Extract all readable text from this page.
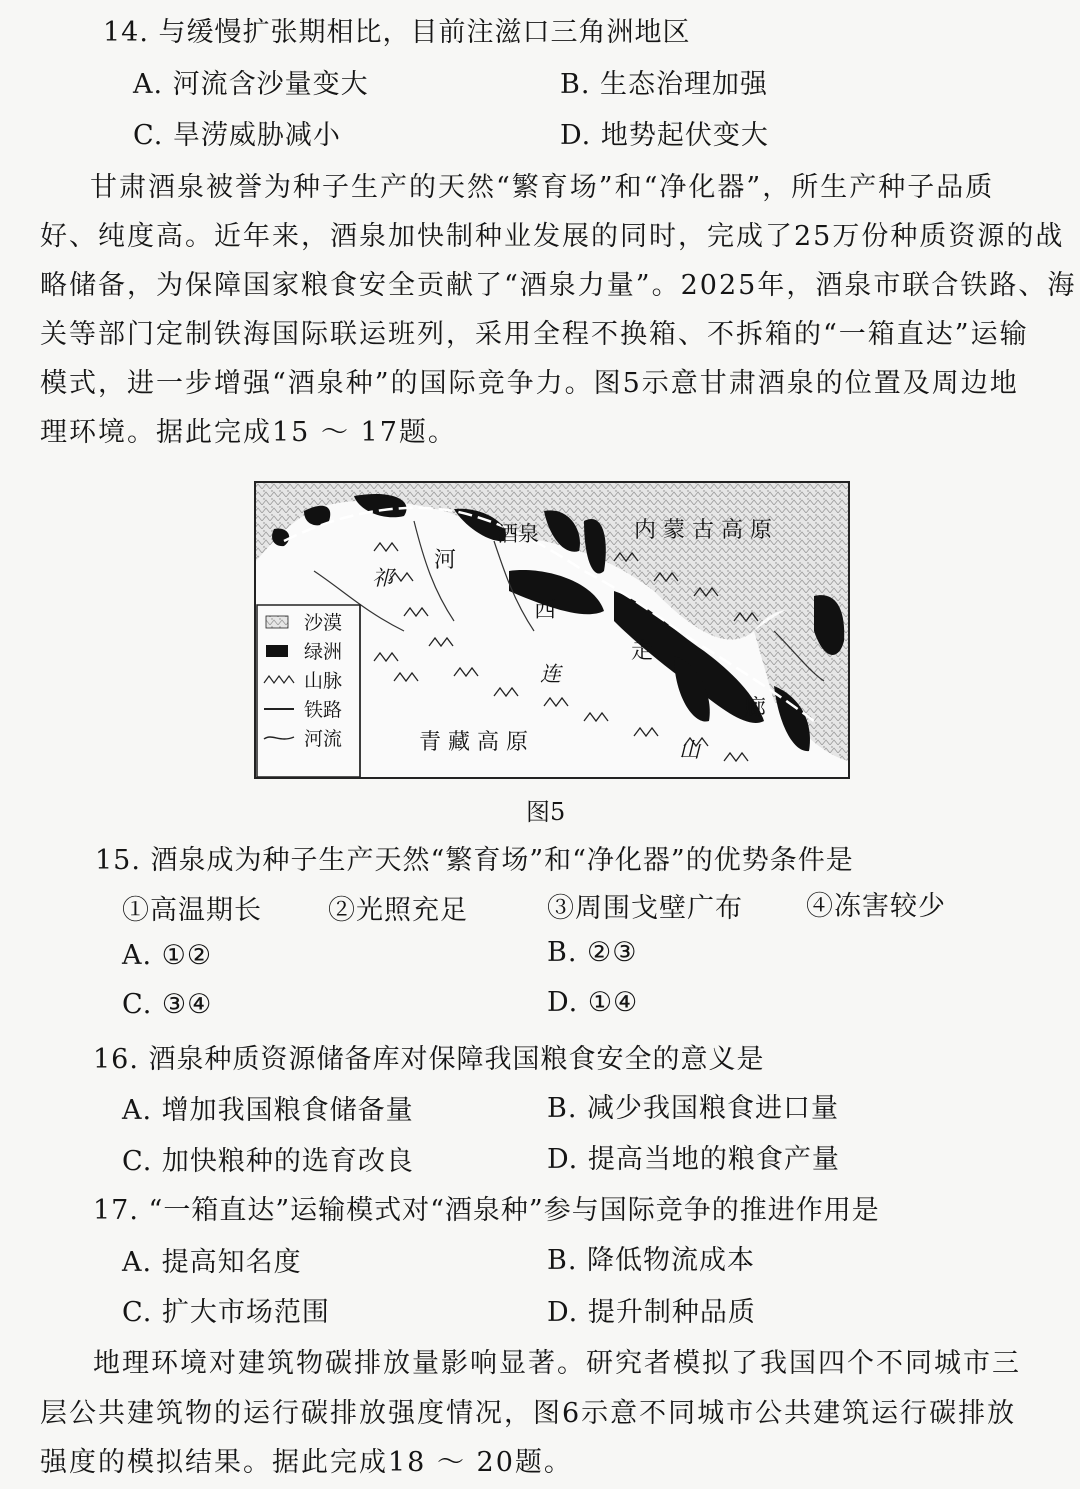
14. 与缓慢扩张期相比，目前注滋口三角洲地区
A. 河流含沙量变大	B. 生态治理加强
C. 旱涝威胁减小	D. 地势起伏变大
甘肃酒泉被誉为种子生产的天然“繁育场”和“净化器”，所生产种子品质
好、纯度高。近年来，酒泉加快制种业发展的同时，完成了25万份种质资源的战
略储备，为保障国家粮食安全贡献了“酒泉力量”。2025年，酒泉市联合铁路、海
关等部门定制铁海国际联运班列，采用全程不换箱、不拆箱的“一箱直达”运输
模式，进一步增强“酒泉种”的国际竞争力。图5示意甘肃酒泉的位置及周边地
理环境。据此完成15 ～ 17题。
酒泉	内 蒙 古 高 原
青 藏 高 原
河
西
走
廊
祁
连
山
沙漠
绿洲
山脉
铁路
河流
图5
15. 酒泉成为种子生产天然“繁育场”和“净化器”的优势条件是
①高温期长 ②光照充足	③周围戈壁广布 ④冻害较少
A. ①②	B. ②③
C. ③④	D. ①④
16. 酒泉种质资源储备库对保障我国粮食安全的意义是
A. 增加我国粮食储备量	B. 减少我国粮食进口量
C. 加快粮种的选育改良	D. 提高当地的粮食产量
17. “一箱直达”运输模式对“酒泉种”参与国际竞争的推进作用是
A. 提高知名度	B. 降低物流成本
C. 扩大市场范围	D. 提升制种品质
地理环境对建筑物碳排放量影响显著。研究者模拟了我国四个不同城市三
层公共建筑物的运行碳排放强度情况，图6示意不同城市公共建筑运行碳排放
强度的模拟结果。据此完成18 ～ 20题。
